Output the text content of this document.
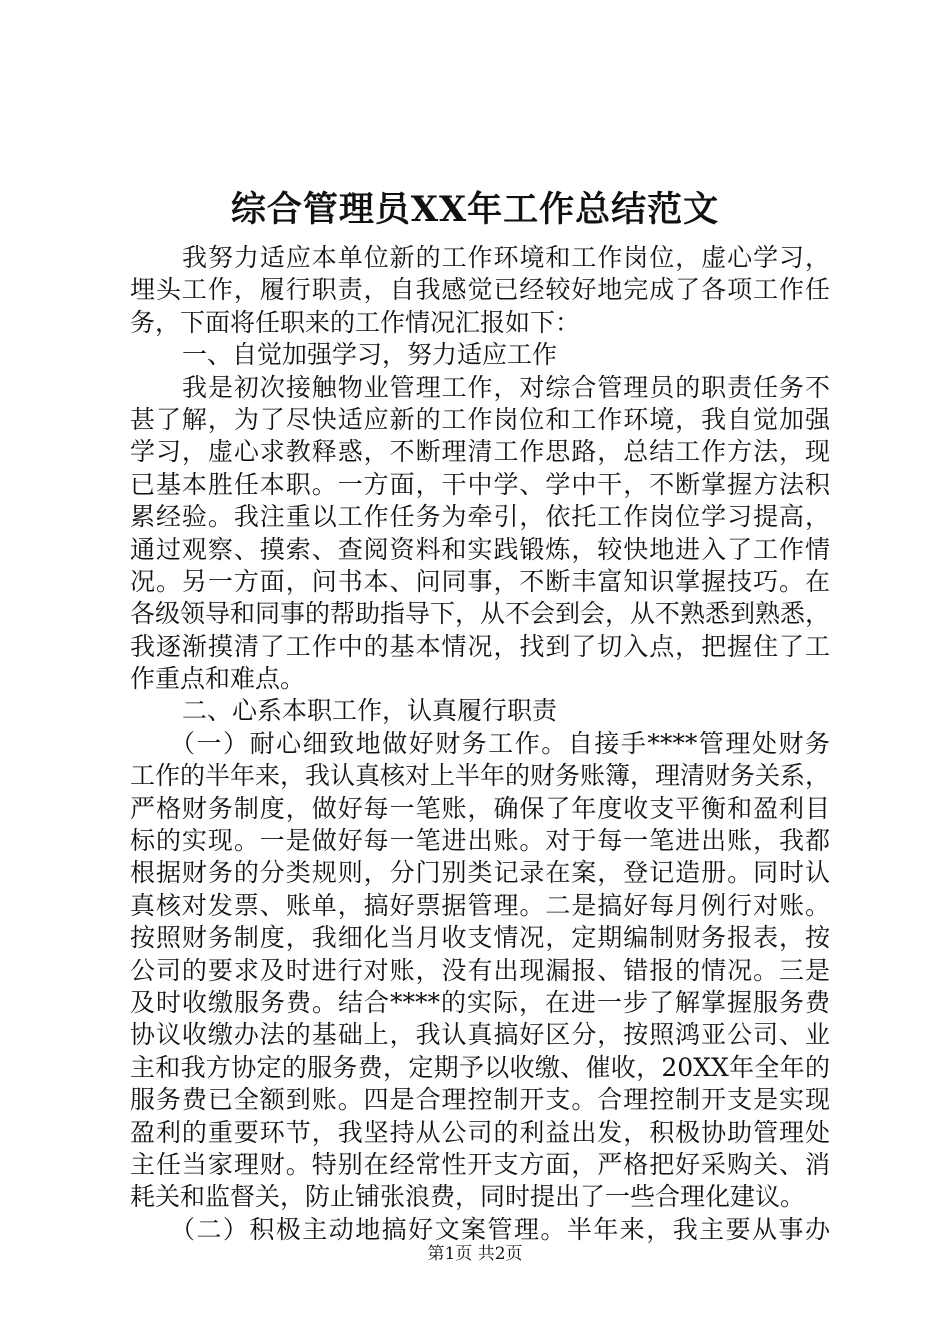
综合管理员XX年工作总结范文
我努力适应本单位新的工作环境和工作岗位，虚心学习，
埋头工作，履行职责，自我感觉已经较好地完成了各项工作任
务，下面将任职来的工作情况汇报如下：
一、自觉加强学习，努力适应工作
我是初次接触物业管理工作，对综合管理员的职责任务不
甚了解，为了尽快适应新的工作岗位和工作环境，我自觉加强
学习，虚心求教释惑，不断理清工作思路，总结工作方法，现
已基本胜任本职。一方面，干中学、学中干，不断掌握方法积
累经验。我注重以工作任务为牵引，依托工作岗位学习提高，
通过观察、摸索、查阅资料和实践锻炼，较快地进入了工作情
况。另一方面，问书本、问同事，不断丰富知识掌握技巧。在
各级领导和同事的帮助指导下，从不会到会，从不熟悉到熟悉，
我逐渐摸清了工作中的基本情况，找到了切入点，把握住了工
作重点和难点。
二、心系本职工作，认真履行职责
（一）耐心细致地做好财务工作。自接手****管理处财务
工作的半年来，我认真核对上半年的财务账簿，理清财务关系，
严格财务制度，做好每一笔账，确保了年度收支平衡和盈利目
标的实现。一是做好每一笔进出账。对于每一笔进出账，我都
根据财务的分类规则，分门别类记录在案，登记造册。同时认
真核对发票、账单，搞好票据管理。二是搞好每月例行对账。
按照财务制度，我细化当月收支情况，定期编制财务报表，按
公司的要求及时进行对账，没有出现漏报、错报的情况。三是
及时收缴服务费。结合****的实际，在进一步了解掌握服务费
协议收缴办法的基础上，我认真搞好区分，按照鸿亚公司、业
主和我方协定的服务费，定期予以收缴、催收，20XX年全年的
服务费已全额到账。四是合理控制开支。合理控制开支是实现
盈利的重要环节，我坚持从公司的利益出发，积极协助管理处
主任当家理财。特别在经常性开支方面，严格把好采购关、消
耗关和监督关，防止铺张浪费，同时提出了一些合理化建议。
（二）积极主动地搞好文案管理。半年来，我主要从事办
第1页 共2页
